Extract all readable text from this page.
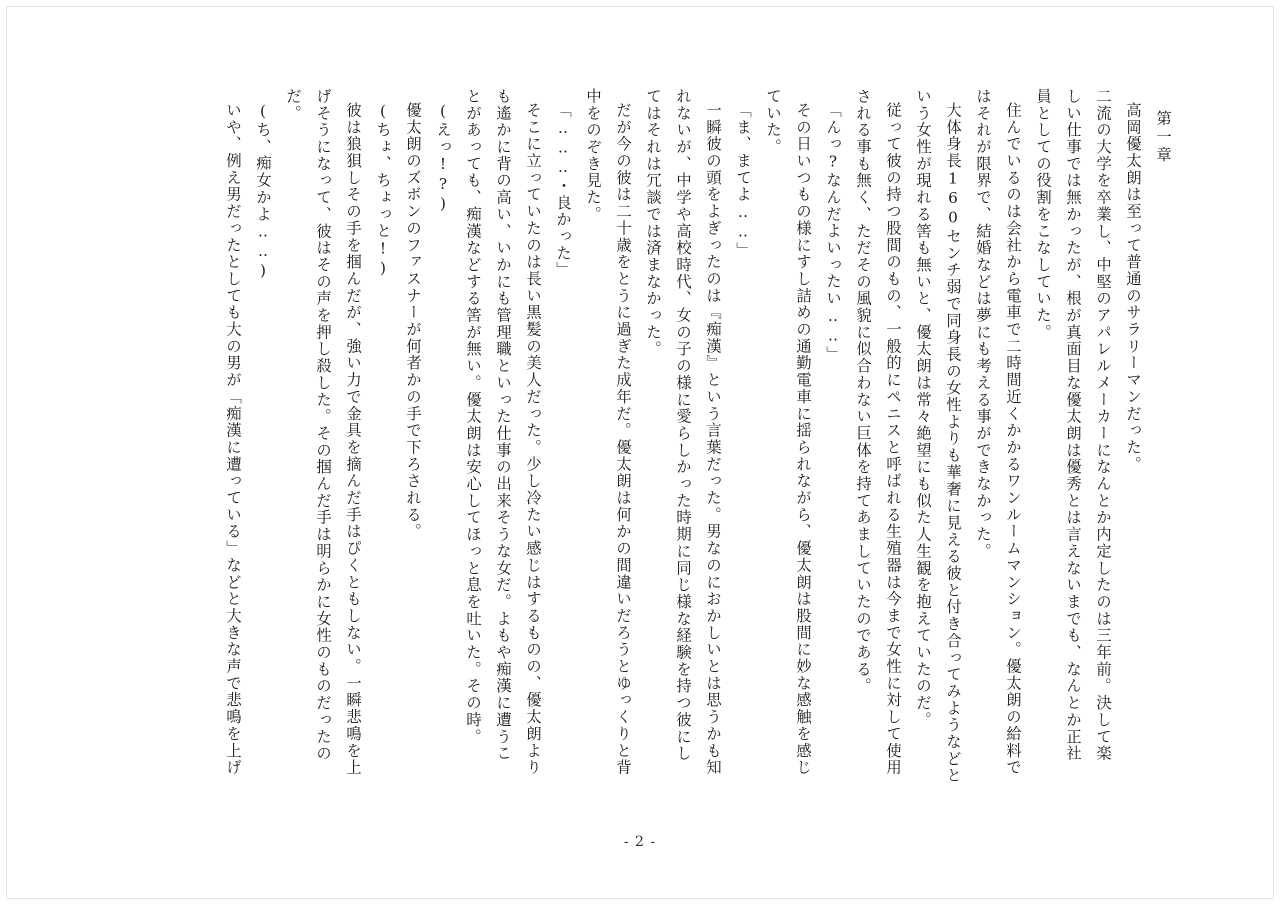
第一章
高岡優太朗は至って普通のサラリーマンだった。
二流の大学を卒業し、中堅のアパレルメーカーになんとか内定したのは三年前。決して楽
しい仕事では無かったが、根が真面目な優太朗は優秀とは言えないまでも、なんとか正社
員としての役割をこなしていた。
住んでいるのは会社から電車で二時間近くかかるワンルームマンション。優太朗の給料で
はそれが限界で、結婚などは夢にも考える事ができなかった。
大体身長160センチ弱で同身長の女性よりも華奢に見える彼と付き合ってみようなどと
いう女性が現れる筈も無いと、優太朗は常々絶望にも似た人生観を抱えていたのだ。
従って彼の持つ股間のもの、一般的にペニスと呼ばれる生殖器は今まで女性に対して使用
される事も無く、ただその風貌に似合わない巨体を持てあましていたのである。
「んっ?なんだよいったい‥‥」
その日いつもの様にすし詰めの通勤電車に揺られながら、優太朗は股間に妙な感触を感じ
ていた。
「ま、まてよ‥‥」
一瞬彼の頭をよぎったのは『痴漢』という言葉だった。男なのにおかしいとは思うかも知
れないが、中学や高校時代、女の子の様に愛らしかった時期に同じ様な経験を持つ彼にし
てはそれは冗談では済まなかった。
だが今の彼は二十歳をとうに過ぎた成年だ。優太朗は何かの間違いだろうとゆっくりと背
中をのぞき見た。
「‥‥‥・良かった」
そこに立っていたのは長い黒髪の美人だった。少し冷たい感じはするものの、優太朗より
も遙かに背の高い、いかにも管理職といった仕事の出来そうな女だ。よもや痴漢に遭うこ
とがあっても、痴漢などする筈が無い。優太朗は安心してほっと息を吐いた。その時。
(えっ!?)
優太朗のズボンのファスナーが何者かの手で下ろされる。
(ちょ、ちょっと!)
彼は狼狽しその手を掴んだが、強い力で金具を摘んだ手はぴくともしない。一瞬悲鳴を上
げそうになって、彼はその声を押し殺した。その掴んだ手は明らかに女性のものだったの
だ。
(ち、痴女かよ‥‥)
いや、例え男だったとしても大の男が「痴漢に遭っている」などと大きな声で悲鳴を上げ
- 2 -
